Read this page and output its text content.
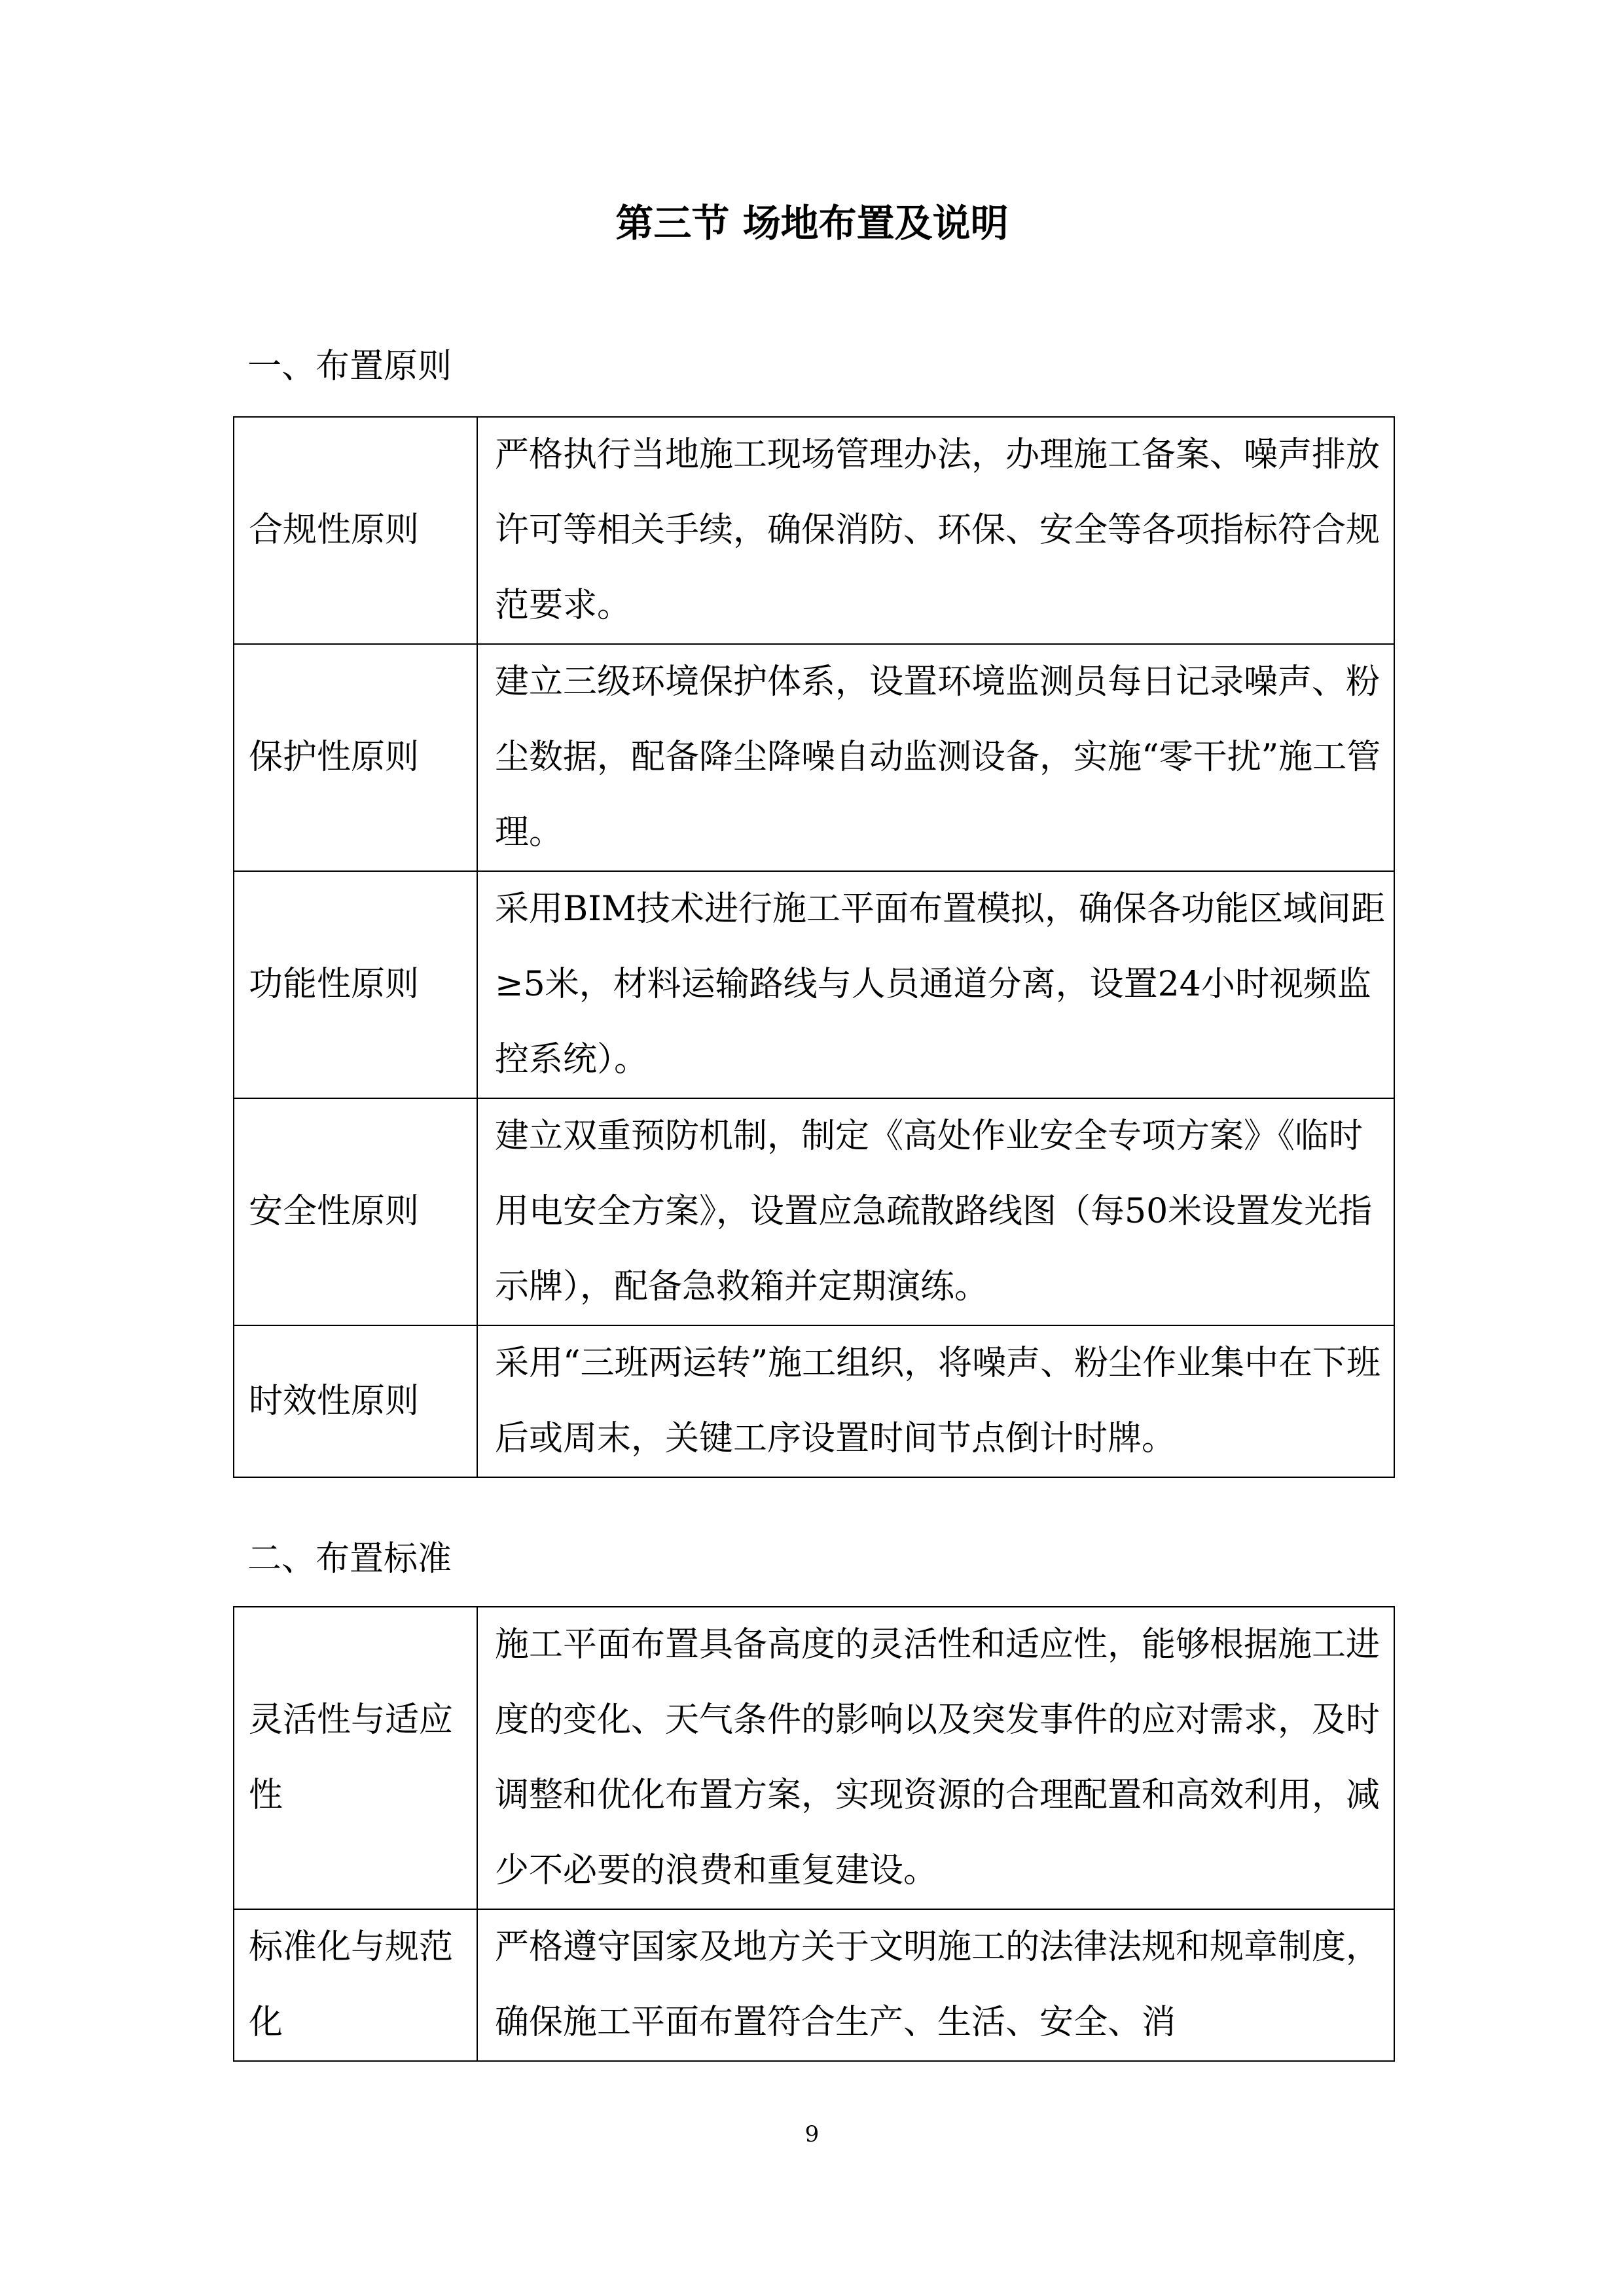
第三节 场地布置及说明
一、布置原则
合规性原则	严格执行当地施工现场管理办法，办理施工备案、噪声排放许可等相关手续，确保消防、环保、安全等各项指标符合规范要求。
保护性原则	建立三级环境保护体系，设置环境监测员每日记录噪声、粉尘数据，配备降尘降噪自动监测设备，实施“零干扰”施工管理。
功能性原则	采用BIM技术进行施工平面布置模拟，确保各功能区域间距≥5米，材料运输路线与人员通道分离，设置24小时视频监控系统）。
安全性原则	建立双重预防机制，制定《高处作业安全专项方案》《临时用电安全方案》，设置应急疏散路线图（每50米设置发光指示牌），配备急救箱并定期演练。
时效性原则	采用“三班两运转”施工组织，将噪声、粉尘作业集中在下班后或周末，关键工序设置时间节点倒计时牌。
二、布置标准
灵活性与适应性	施工平面布置具备高度的灵活性和适应性，能够根据施工进度的变化、天气条件的影响以及突发事件的应对需求，及时调整和优化布置方案，实现资源的合理配置和高效利用，减少不必要的浪费和重复建设。
标准化与规范化	严格遵守国家及地方关于文明施工的法律法规和规章制度，确保施工平面布置符合生产、生活、安全、消
9
